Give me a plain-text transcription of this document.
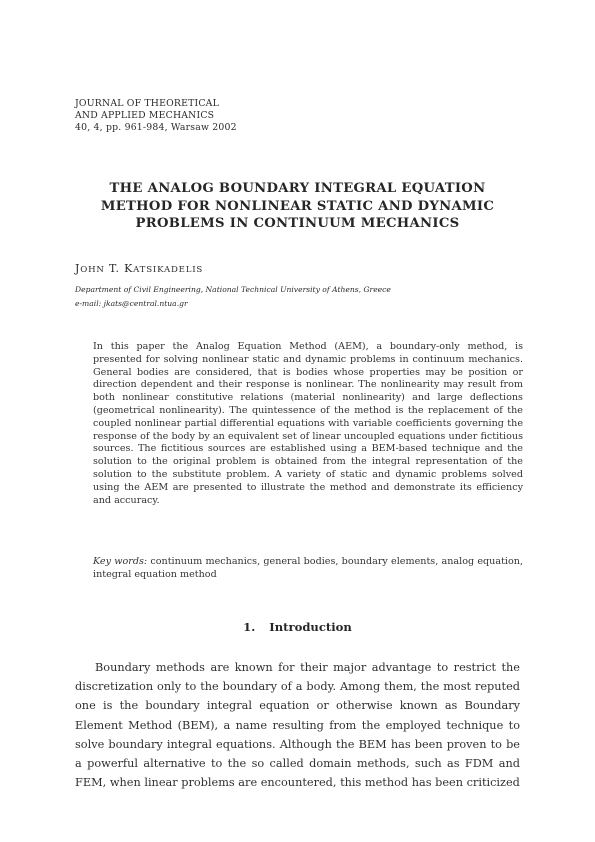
JOURNAL OF THEORETICAL
AND APPLIED MECHANICS
40, 4, pp. 961-984, Warsaw 2002
THE ANALOG BOUNDARY INTEGRAL EQUATION
METHOD FOR NONLINEAR STATIC AND DYNAMIC
PROBLEMS IN CONTINUUM MECHANICS
JOHN T. KATSIKADELIS
Department of Civil Engineering, National Technical University of Athens, Greece
e-mail: jkats@central.ntua.gr

In this paper the Analog Equation Method (AEM), a boundary-only method, is presented for solving nonlinear static and dynamic problems in continuum mechanics. General bodies are considered, that is bodies whose properties may be position or direction dependent and their response is nonlinear. The nonlinearity may result from both nonlinear constitutive relations (material nonlinearity) and large deflections (geometrical nonlinearity). The quintessence of the method is the replacement of the coupled nonlinear partial differential equations with variable coefficients governing the response of the body by an equivalent set of linear uncoupled equations under fictitious sources. The fictitious sources are established using a BEM-based technique and the solution to the original problem is obtained from the integral representation of the solution to the substitute problem. A variety of static and dynamic problems solved using the AEM are presented to illustrate the method and demonstrate its efficiency and accuracy.

Key words: continuum mechanics, general bodies, boundary elements, analog equation, integral equation method
1. Introduction

Boundary methods are known for their major advantage to restrict the discretization only to the boundary of a body. Among them, the most reputed one is the boundary integral equation or otherwise known as Boundary Element Method (BEM), a name resulting from the employed technique to solve boundary integral equations. Although the BEM has been proven to be a powerful alternative to the so called domain methods, such as FDM and FEM, when linear problems are encountered, this method has been criticized
